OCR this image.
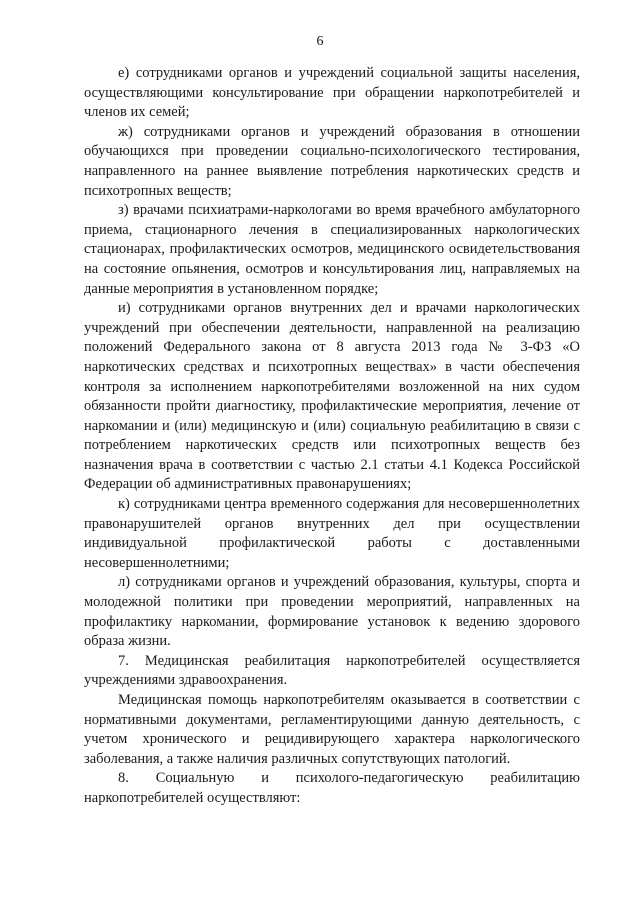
6

е) сотрудниками органов и учреждений социальной защиты населения, осуществляющими консультирование при обращении наркопотребителей и членов их семей;

ж) сотрудниками органов и учреждений образования в отношении обучающихся при проведении социально-психологического тестирования, направленного на раннее выявление потребления наркотических средств и психотропных веществ;

з) врачами психиатрами-наркологами во время врачебного амбулаторного приема, стационарного лечения в специализированных наркологических стационарах, профилактических осмотров, медицинского освидетельствования на состояние опьянения, осмотров и консультирования лиц, направляемых на данные мероприятия в установленном порядке;

и) сотрудниками органов внутренних дел и врачами наркологических учреждений при обеспечении деятельности, направленной на реализацию положений Федерального закона от 8 августа 2013 года № 3-ФЗ «О наркотических средствах и психотропных веществах» в части обеспечения контроля за исполнением наркопотребителями возложенной на них судом обязанности пройти диагностику, профилактические мероприятия, лечение от наркомании и (или) медицинскую и (или) социальную реабилитацию в связи с потреблением наркотических средств или психотропных веществ без назначения врача в соответствии с частью 2.1 статьи 4.1 Кодекса Российской Федерации об административных правонарушениях;

к) сотрудниками центра временного содержания для несовершеннолетних правонарушителей органов внутренних дел при осуществлении индивидуальной профилактической работы с доставленными несовершеннолетними;

л) сотрудниками органов и учреждений образования, культуры, спорта и молодежной политики при проведении мероприятий, направленных на профилактику наркомании, формирование установок к ведению здорового образа жизни.

7. Медицинская реабилитация наркопотребителей осуществляется учреждениями здравоохранения.

Медицинская помощь наркопотребителям оказывается в соответствии с нормативными документами, регламентирующими данную деятельность, с учетом хронического и рецидивирующего характера наркологического заболевания, а также наличия различных сопутствующих патологий.

8. Социальную и психолого-педагогическую реабилитацию наркопотребителей осуществляют:
